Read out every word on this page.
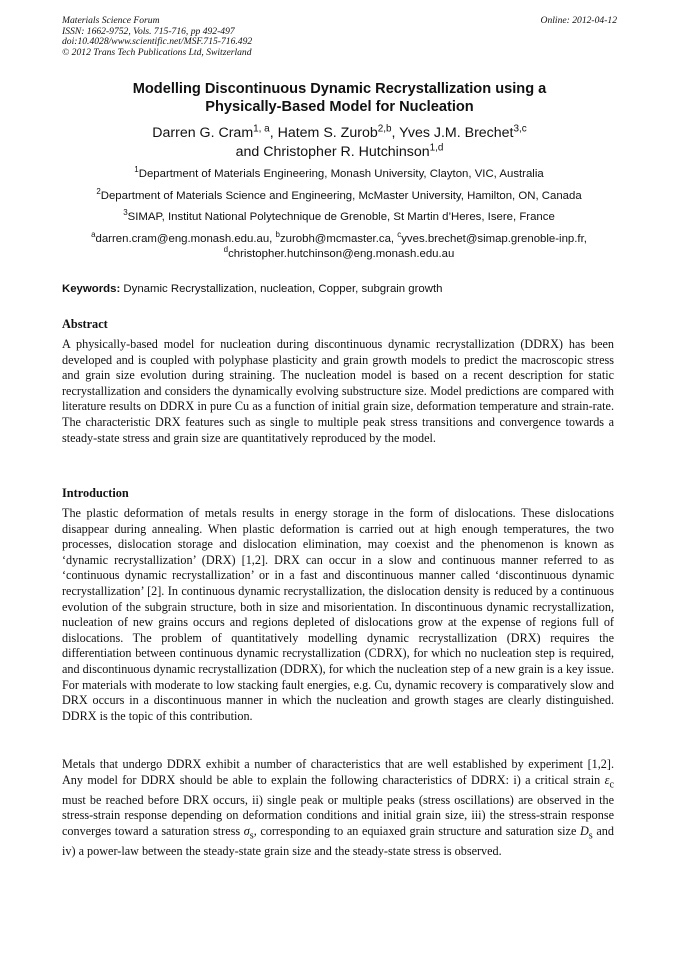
Materials Science Forum
ISSN: 1662-9752, Vols. 715-716, pp 492-497
doi:10.4028/www.scientific.net/MSF.715-716.492
© 2012 Trans Tech Publications Ltd, Switzerland
Online: 2012-04-12
Modelling Discontinuous Dynamic Recrystallization using a
Physically-Based Model for Nucleation
Darren G. Cram$^{1, a}$, Hatem S. Zurob$^{2,b}$, Yves J.M. Brechet$^{3,c}$
and Christopher R. Hutchinson$^{1,d}$
$^1$Department of Materials Engineering, Monash University, Clayton, VIC, Australia
$^2$Department of Materials Science and Engineering, McMaster University, Hamilton, ON, Canada
$^3$SIMAP, Institut National Polytechnique de Grenoble, St Martin d’Heres, Isere, France
$^a$darren.cram@eng.monash.edu.au, $^b$zurobh@mcmaster.ca, $^c$yves.brechet@simap.grenoble-inp.fr,
$^d$christopher.hutchinson@eng.monash.edu.au
Keywords: Dynamic Recrystallization, nucleation, Copper, subgrain growth
Abstract
A physically-based model for nucleation during discontinuous dynamic recrystallization (DDRX) has been developed and is coupled with polyphase plasticity and grain growth models to predict the macroscopic stress and grain size evolution during straining. The nucleation model is based on a recent description for static recrystallization and considers the dynamically evolving substructure size. Model predictions are compared with literature results on DDRX in pure Cu as a function of initial grain size, deformation temperature and strain-rate. The characteristic DRX features such as single to multiple peak stress transitions and convergence towards a steady-state stress and grain size are quantitatively reproduced by the model.
Introduction
The plastic deformation of metals results in energy storage in the form of dislocations. These dislocations disappear during annealing. When plastic deformation is carried out at high enough temperatures, the two processes, dislocation storage and dislocation elimination, may coexist and the phenomenon is known as ‘dynamic recrystallization’ (DRX) [1,2]. DRX can occur in a slow and continuous manner referred to as ‘continuous dynamic recrystallization’ or in a fast and discontinuous manner called ‘discontinuous dynamic recrystallization’ [2]. In continuous dynamic recrystallization, the dislocation density is reduced by a continuous evolution of the subgrain structure, both in size and misorientation. In discontinuous dynamic recrystallization, nucleation of new grains occurs and regions depleted of dislocations grow at the expense of regions full of dislocations. The problem of quantitatively modelling dynamic recrystallization (DRX) requires the differentiation between continuous dynamic recrystallization (CDRX), for which no nucleation step is required, and discontinuous dynamic recrystallization (DDRX), for which the nucleation step of a new grain is a key issue. For materials with moderate to low stacking fault energies, e.g. Cu, dynamic recovery is comparatively slow and DRX occurs in a discontinuous manner in which the nucleation and growth stages are clearly distinguished. DDRX is the topic of this contribution.
Metals that undergo DDRX exhibit a number of characteristics that are well established by experiment [1,2]. Any model for DDRX should be able to explain the following characteristics of DDRX: i) a critical strain $\varepsilon_c$ must be reached before DRX occurs, ii) single peak or multiple peaks (stress oscillations) are observed in the stress-strain response depending on deformation conditions and initial grain size, iii) the stress-strain response converges toward a saturation stress $\sigma_s$, corresponding to an equiaxed grain structure and saturation size $D_s$ and iv) a power-law between the steady-state grain size and the steady-state stress is observed.
